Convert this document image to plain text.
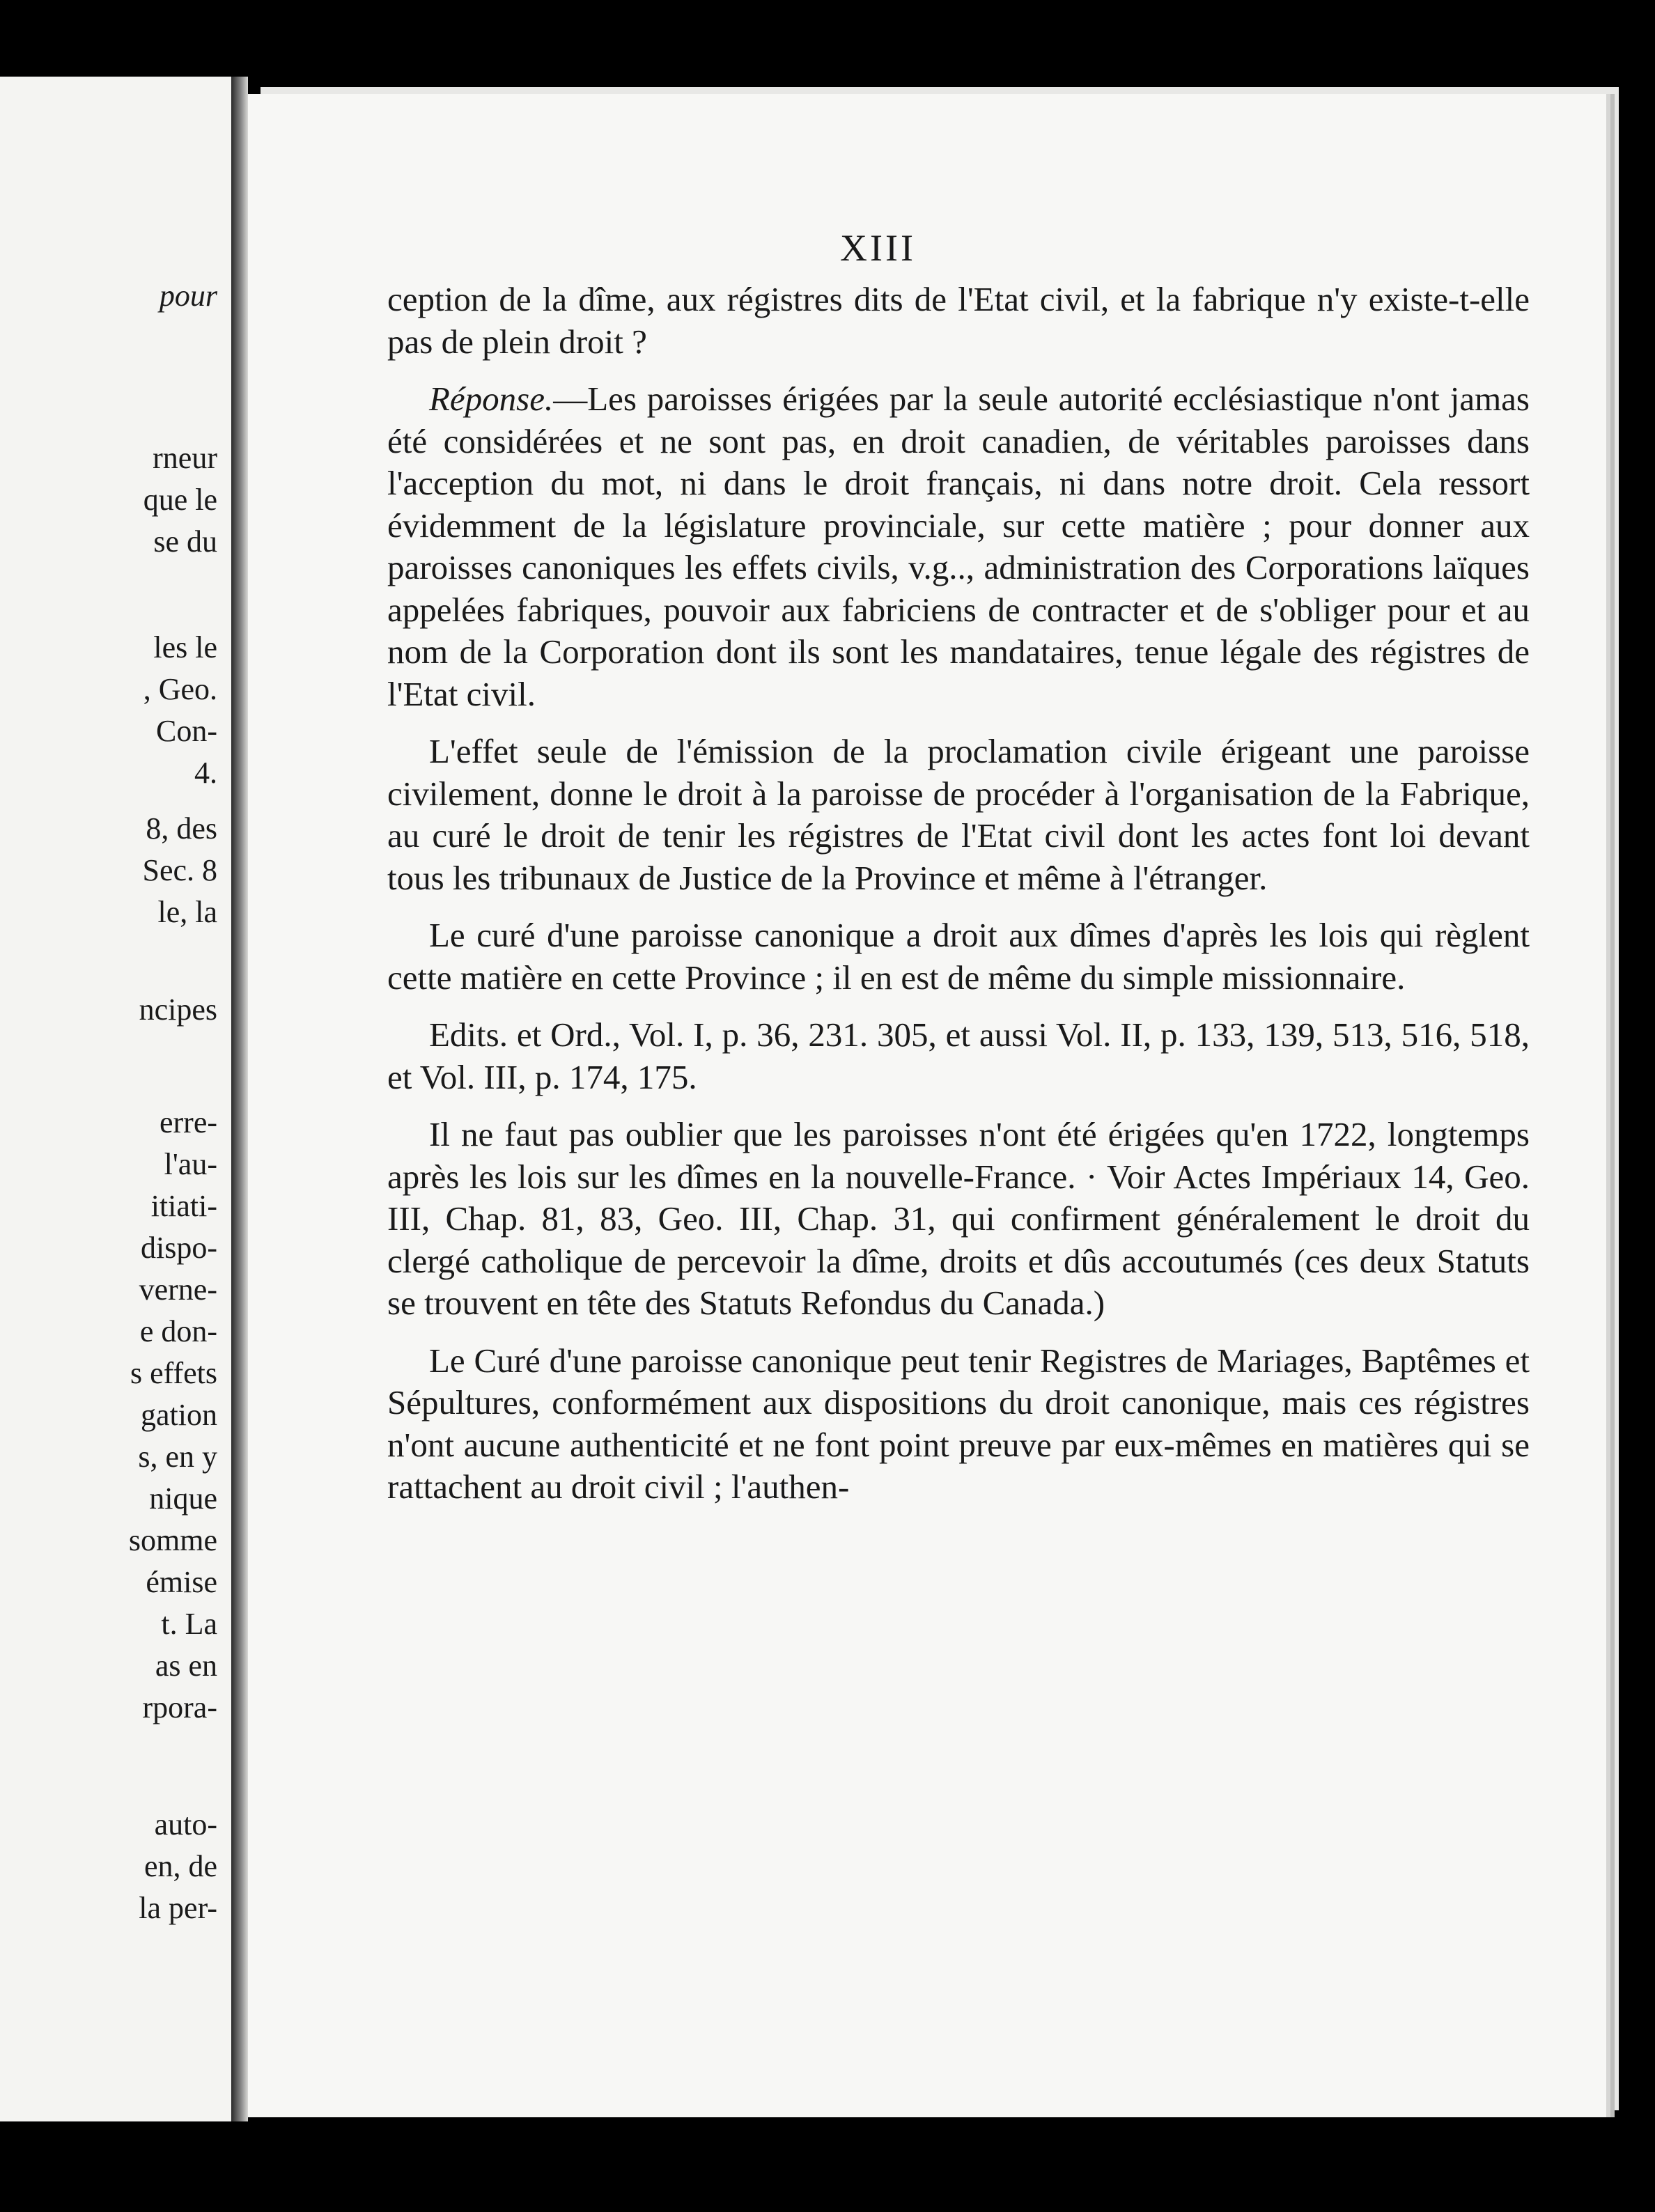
pour
rneur
que le
se du
les le
, Geo.
Con-
4.
8, des
Sec. 8
le, la
ncipes
erre-
l'au-
itiati-
dispo-
verne-
e don-
s effets
gation
s, en y
nique
somme
émise
t. La
as en
rpora-
auto-
en, de
la per-
XIII

ception de la dîme, aux régistres dits de l'Etat civil, et la fabrique n'y existe-t-elle pas de plein droit ?

Réponse.—Les paroisses érigées par la seule autorité ecclésiastique n'ont jamas été considérées et ne sont pas, en droit canadien, de véritables paroisses dans l'acception du mot, ni dans le droit français, ni dans notre droit. Cela ressort évidemment de la législature provinciale, sur cette matière ; pour donner aux paroisses canoniques les effets civils, v.g.., administration des Corporations laïques appelées fabriques, pouvoir aux fabriciens de contracter et de s'obliger pour et au nom de la Corporation dont ils sont les mandataires, tenue légale des régistres de l'Etat civil.

L'effet seule de l'émission de la proclamation civile érigeant une paroisse civilement, donne le droit à la paroisse de procéder à l'organisation de la Fabrique, au curé le droit de tenir les régistres de l'Etat civil dont les actes font loi devant tous les tribunaux de Justice de la Province et même à l'étranger.

Le curé d'une paroisse canonique a droit aux dîmes d'après les lois qui règlent cette matière en cette Province ; il en est de même du simple missionnaire.

Edits. et Ord., Vol. I, p. 36, 231. 305, et aussi Vol. II, p. 133, 139, 513, 516, 518, et Vol. III, p. 174, 175.

Il ne faut pas oublier que les paroisses n'ont été érigées qu'en 1722, longtemps après les lois sur les dîmes en la nouvelle-France. · Voir Actes Impériaux 14, Geo. III, Chap. 81, 83, Geo. III, Chap. 31, qui confirment généralement le droit du clergé catholique de percevoir la dîme, droits et dûs accoutumés (ces deux Statuts se trouvent en tête des Statuts Refondus du Canada.)

Le Curé d'une paroisse canonique peut tenir Registres de Mariages, Baptêmes et Sépultures, conformément aux dispositions du droit canonique, mais ces régistres n'ont aucune authenticité et ne font point preuve par eux-mêmes en matières qui se rattachent au droit civil ; l'authen-
